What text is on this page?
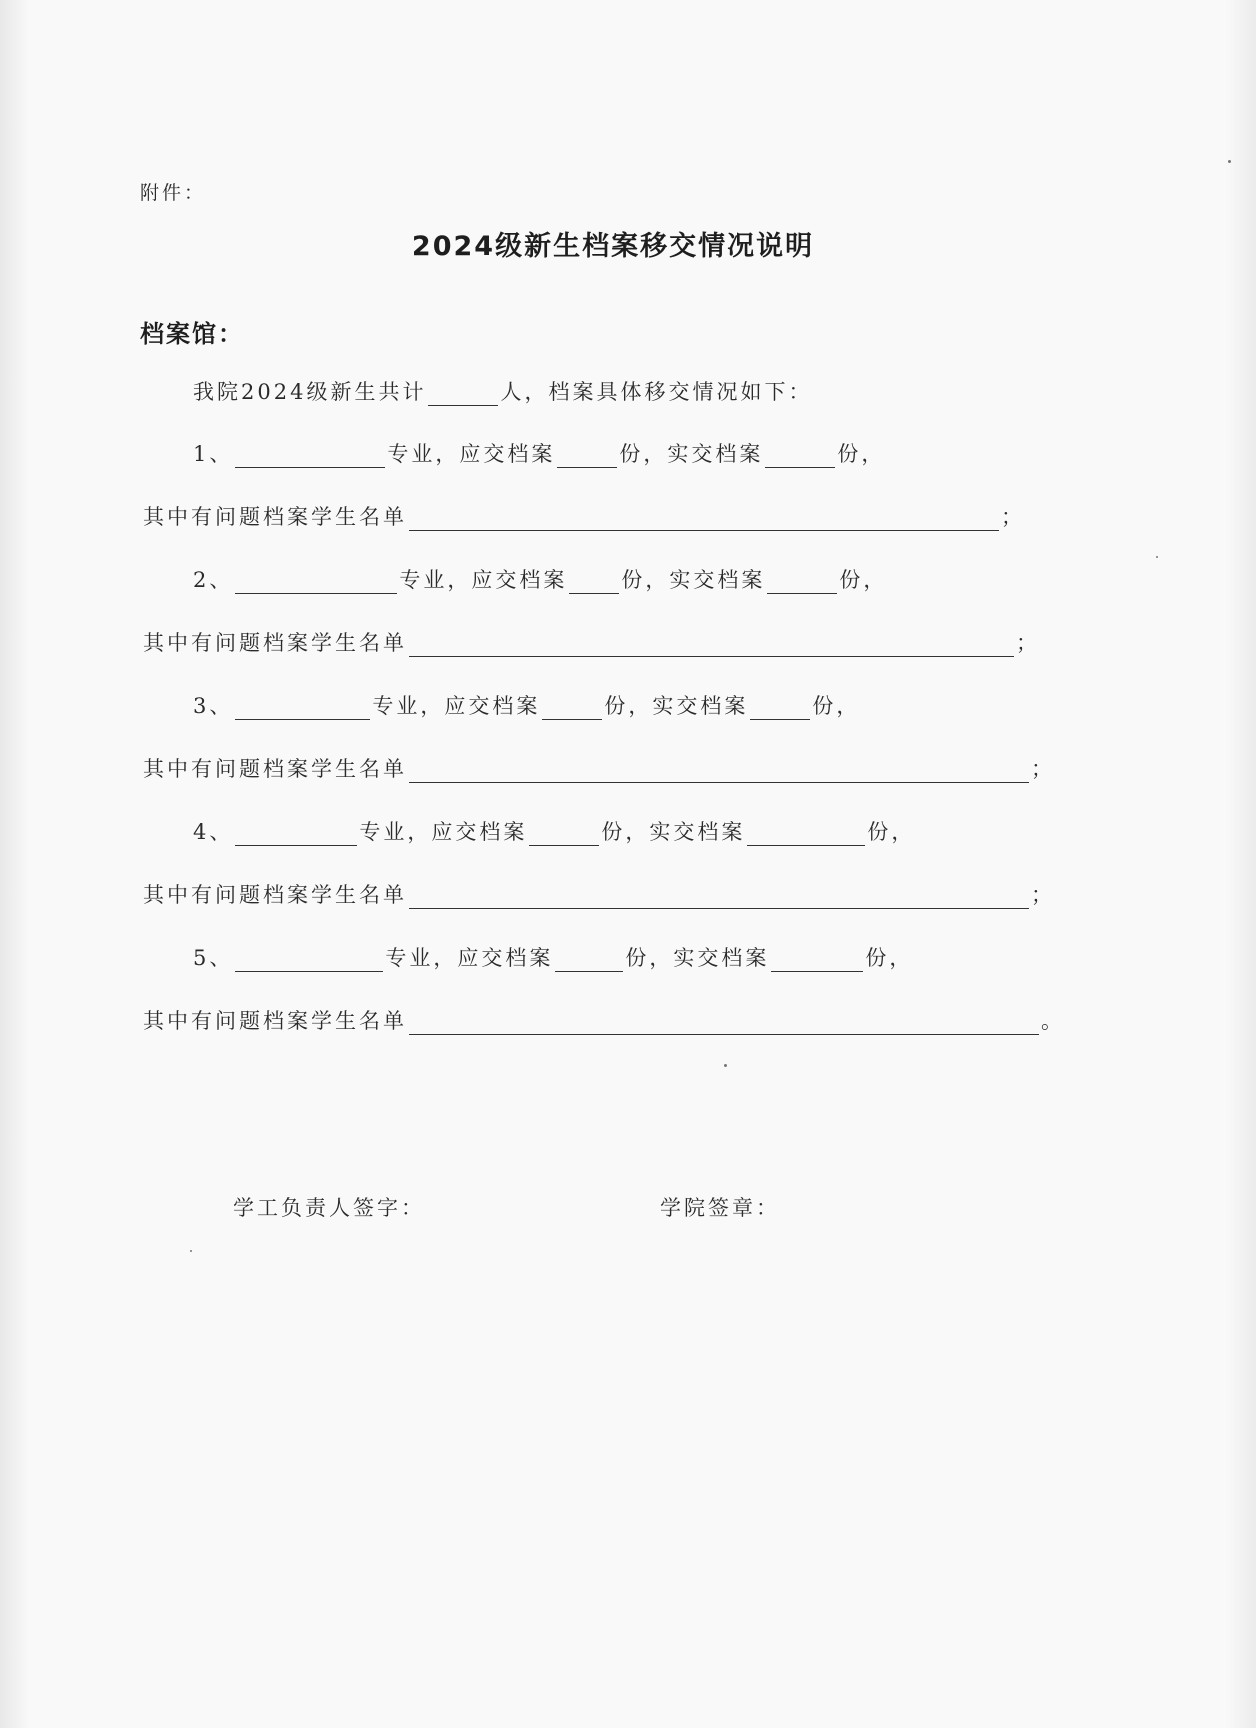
附件：
2024级新生档案移交情况说明
档案馆：
我院2024级新生共计	人，档案具体移交情况如下：
1、	专业，应交档案	份，实交档案	份，
其中有问题档案学生名单	；
2、	专业，应交档案	份，实交档案	份，
其中有问题档案学生名单	；
3、	专业，应交档案	份，实交档案	份，
其中有问题档案学生名单	；
4、	专业，应交档案	份，实交档案	份，
其中有问题档案学生名单	；
5、	专业，应交档案	份，实交档案	份，
其中有问题档案学生名单	。
学工负责人签字：	学院签章：
